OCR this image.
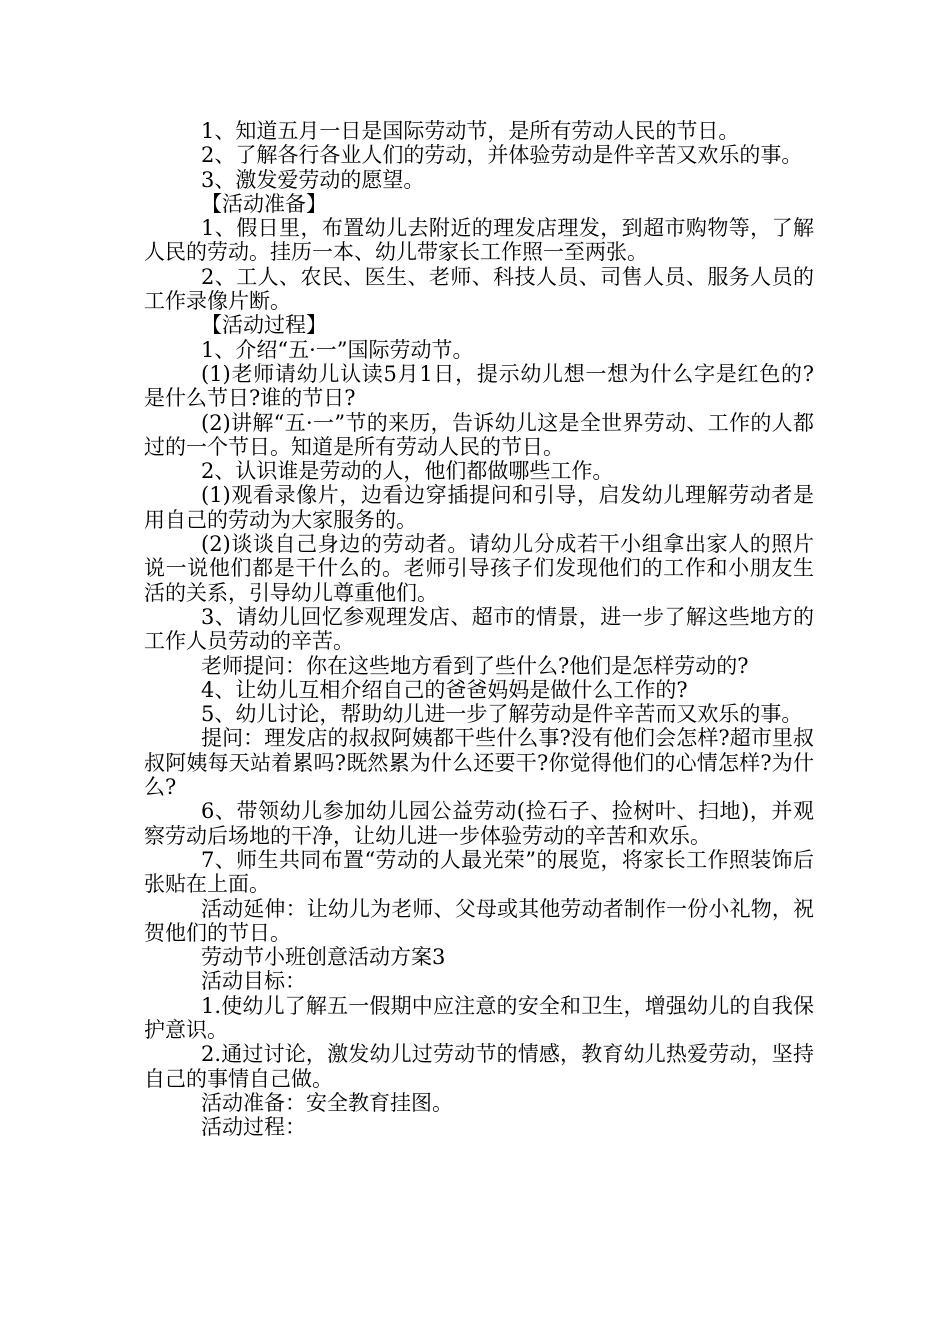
1、知道五月一日是国际劳动节，是所有劳动人民的节日。

2、了解各行各业人们的劳动，并体验劳动是件辛苦又欢乐的事。

3、激发爱劳动的愿望。

【活动准备】

1、假日里，布置幼儿去附近的理发店理发，到超市购物等，了解人民的劳动。挂历一本、幼儿带家长工作照一至两张。

2、工人、农民、医生、老师、科技人员、司售人员、服务人员的工作录像片断。

【活动过程】

1、介绍“五·一”国际劳动节。

(1)老师请幼儿认读5月1日，提示幼儿想一想为什么字是红色的?是什么节日?谁的节日?

(2)讲解“五·一”节的来历，告诉幼儿这是全世界劳动、工作的人都过的一个节日。知道是所有劳动人民的节日。

2、认识谁是劳动的人，他们都做哪些工作。

(1)观看录像片，边看边穿插提问和引导，启发幼儿理解劳动者是用自己的劳动为大家服务的。

(2)谈谈自己身边的劳动者。请幼儿分成若干小组拿出家人的照片说一说他们都是干什么的。老师引导孩子们发现他们的工作和小朋友生活的关系，引导幼儿尊重他们。

3、请幼儿回忆参观理发店、超市的情景，进一步了解这些地方的工作人员劳动的辛苦。

老师提问：你在这些地方看到了些什么?他们是怎样劳动的?

4、让幼儿互相介绍自己的爸爸妈妈是做什么工作的?

5、幼儿讨论，帮助幼儿进一步了解劳动是件辛苦而又欢乐的事。

提问：理发店的叔叔阿姨都干些什么事?没有他们会怎样?超市里叔叔阿姨每天站着累吗?既然累为什么还要干?你觉得他们的心情怎样?为什么?

6、带领幼儿参加幼儿园公益劳动(捡石子、捡树叶、扫地)，并观察劳动后场地的干净，让幼儿进一步体验劳动的辛苦和欢乐。

7、师生共同布置“劳动的人最光荣”的展览，将家长工作照装饰后张贴在上面。

活动延伸：让幼儿为老师、父母或其他劳动者制作一份小礼物，祝贺他们的节日。

劳动节小班创意活动方案3

活动目标：

1.使幼儿了解五一假期中应注意的安全和卫生，增强幼儿的自我保护意识。

2.通过讨论，激发幼儿过劳动节的情感，教育幼儿热爱劳动，坚持自己的事情自己做。

活动准备：安全教育挂图。

活动过程：
